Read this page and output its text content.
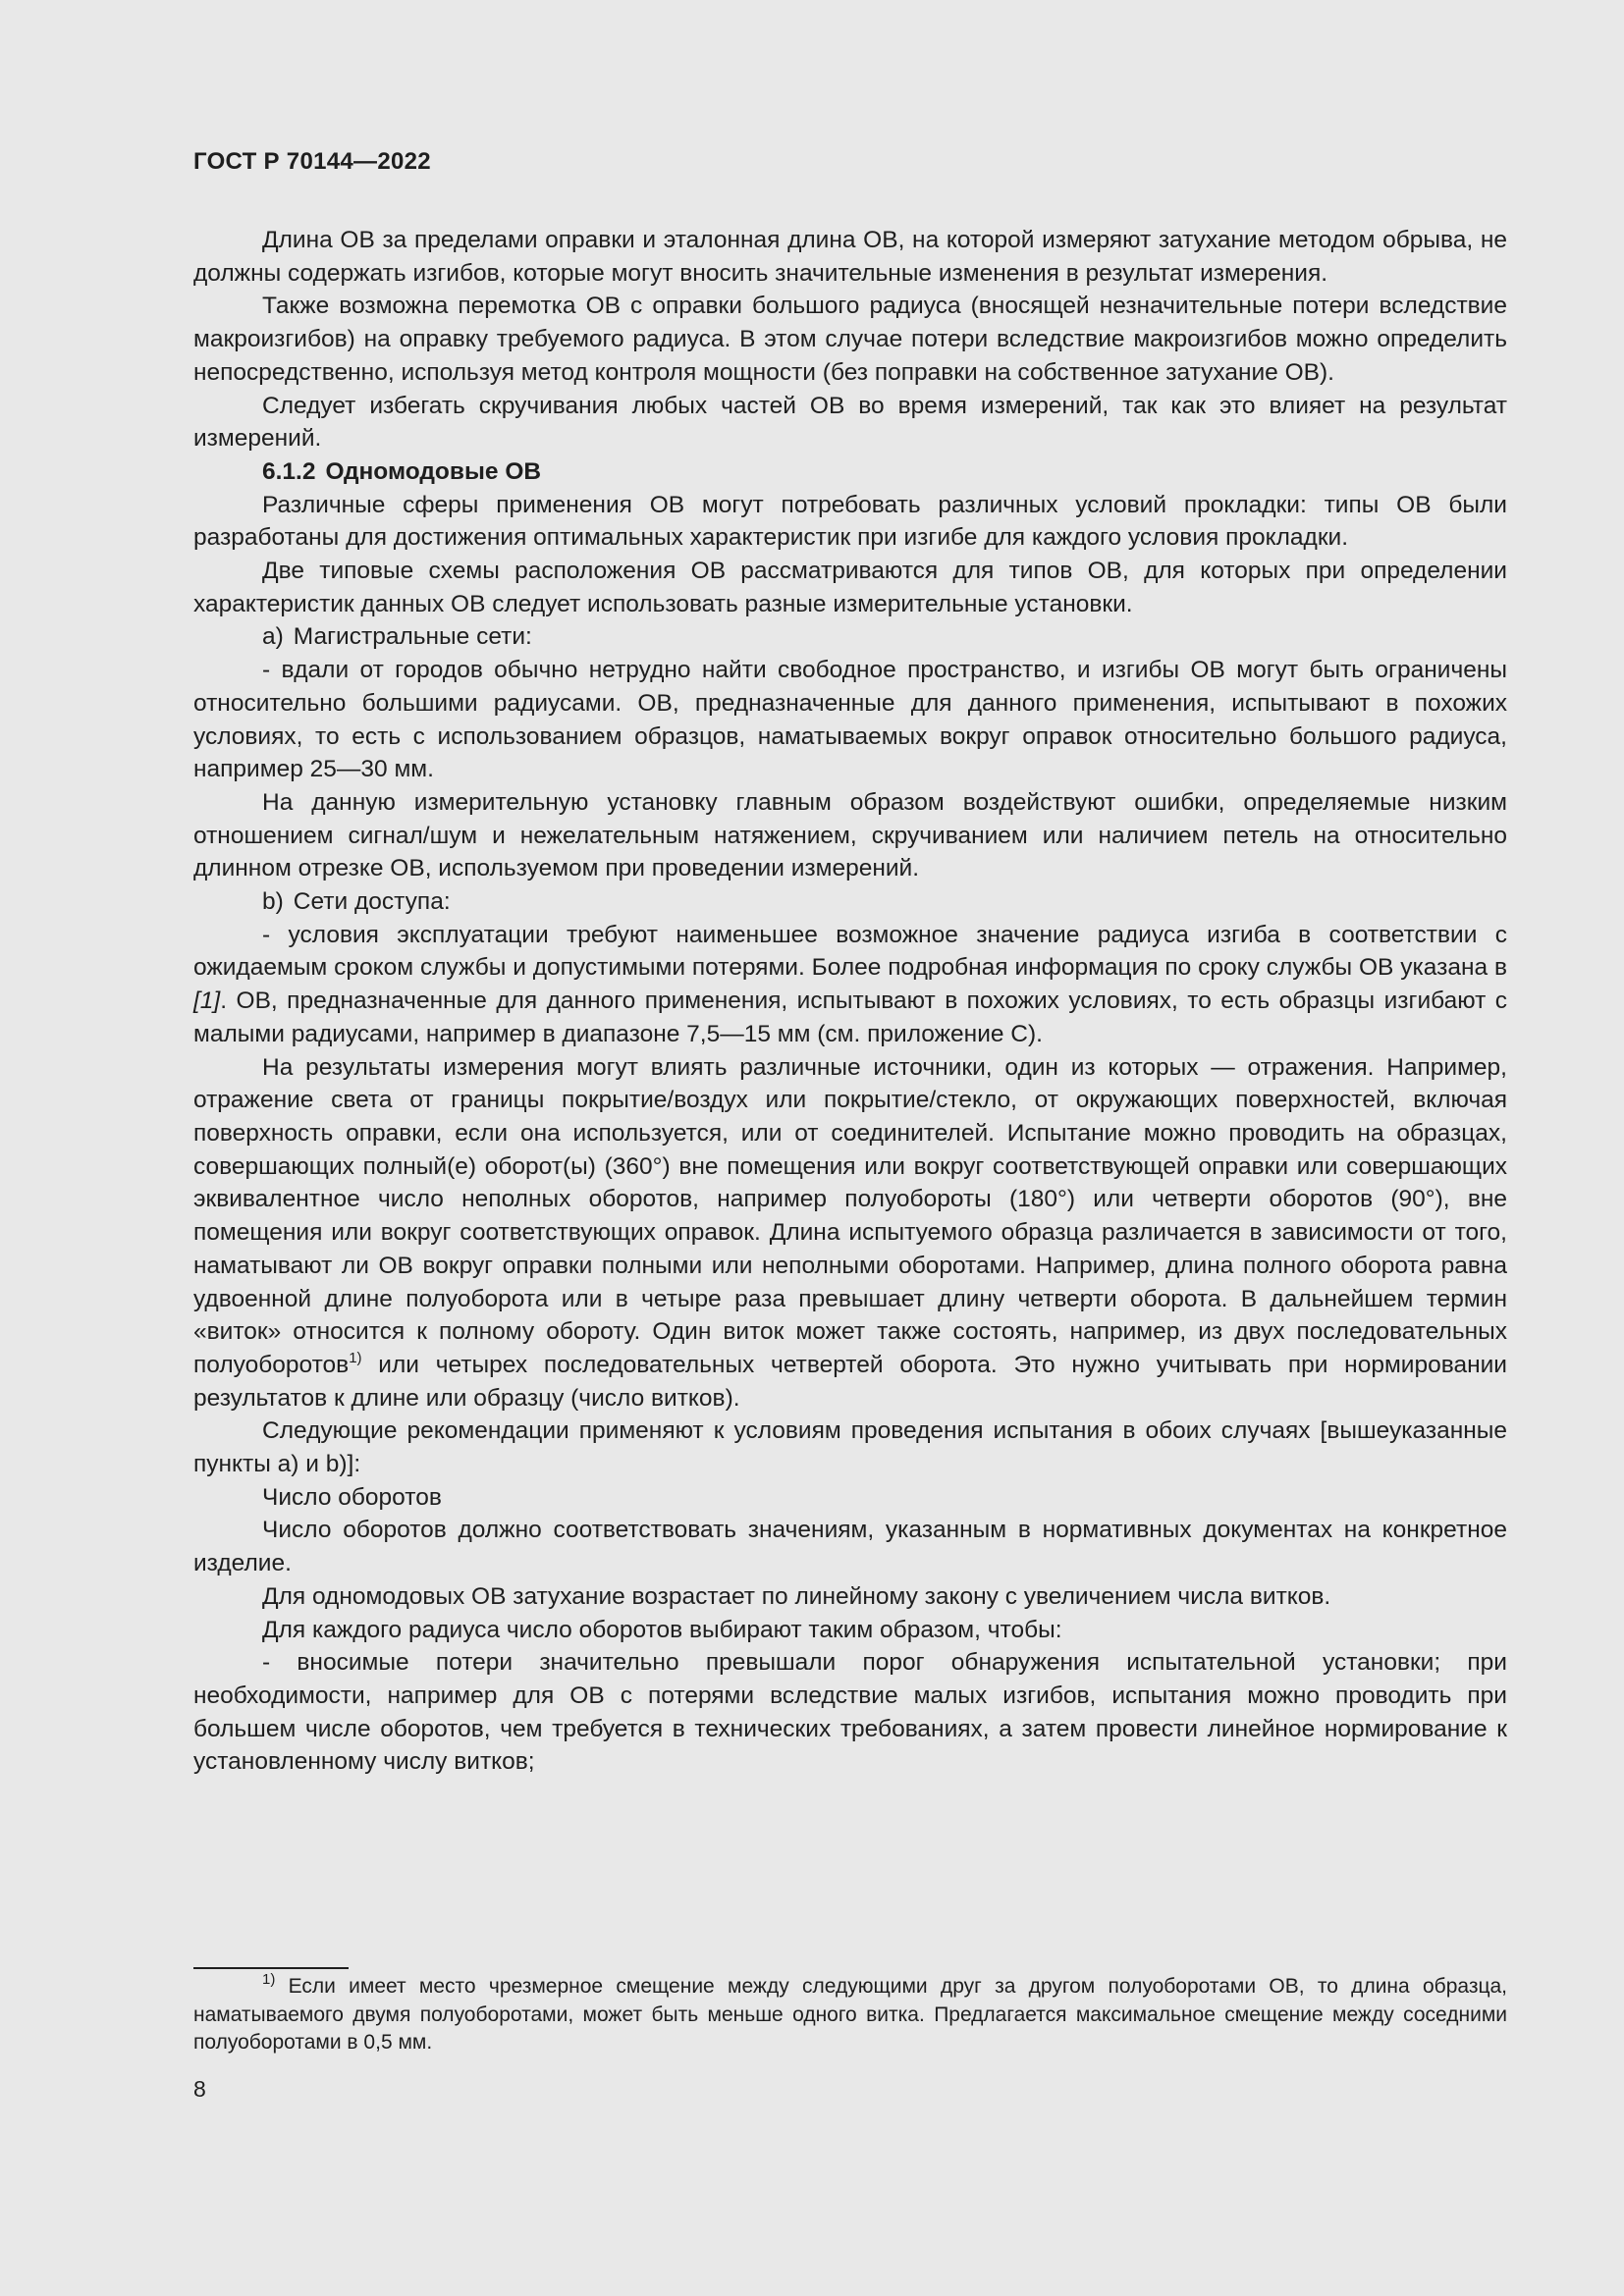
ГОСТ Р 70144—2022

Длина ОВ за пределами оправки и эталонная длина ОВ, на которой измеряют затухание методом обрыва, не должны содержать изгибов, которые могут вносить значительные изменения в результат измерения.

Также возможна перемотка ОВ с оправки большого радиуса (вносящей незначительные потери вследствие макроизгибов) на оправку требуемого радиуса. В этом случае потери вследствие макроизгибов можно определить непосредственно, используя метод контроля мощности (без поправки на собственное затухание ОВ).

Следует избегать скручивания любых частей ОВ во время измерений, так как это влияет на результат измерений.

6.1.2 Одномодовые ОВ

Различные сферы применения ОВ могут потребовать различных условий прокладки: типы ОВ были разработаны для достижения оптимальных характеристик при изгибе для каждого условия прокладки.

Две типовые схемы расположения ОВ рассматриваются для типов ОВ, для которых при определении характеристик данных ОВ следует использовать разные измерительные установки.

a) Магистральные сети:

- вдали от городов обычно нетрудно найти свободное пространство, и изгибы ОВ могут быть ограничены относительно большими радиусами. ОВ, предназначенные для данного применения, испытывают в похожих условиях, то есть с использованием образцов, наматываемых вокруг оправок относительно большого радиуса, например 25—30 мм.

На данную измерительную установку главным образом воздействуют ошибки, определяемые низким отношением сигнал/шум и нежелательным натяжением, скручиванием или наличием петель на относительно длинном отрезке ОВ, используемом при проведении измерений.

b) Сети доступа:

- условия эксплуатации требуют наименьшее возможное значение радиуса изгиба в соответствии с ожидаемым сроком службы и допустимыми потерями. Более подробная информация по сроку службы ОВ указана в [1]. ОВ, предназначенные для данного применения, испытывают в похожих условиях, то есть образцы изгибают с малыми радиусами, например в диапазоне 7,5—15 мм (см. приложение C).

На результаты измерения могут влиять различные источники, один из которых — отражения. Например, отражение света от границы покрытие/воздух или покрытие/стекло, от окружающих поверхностей, включая поверхность оправки, если она используется, или от соединителей. Испытание можно проводить на образцах, совершающих полный(е) оборот(ы) (360°) вне помещения или вокруг соответствующей оправки или совершающих эквивалентное число неполных оборотов, например полуобороты (180°) или четверти оборотов (90°), вне помещения или вокруг соответствующих оправок. Длина испытуемого образца различается в зависимости от того, наматывают ли ОВ вокруг оправки полными или неполными оборотами. Например, длина полного оборота равна удвоенной длине полуоборота или в четыре раза превышает длину четверти оборота. В дальнейшем термин «виток» относится к полному обороту. Один виток может также состоять, например, из двух последовательных полуоборотов$^{1)}$ или четырех последовательных четвертей оборота. Это нужно учитывать при нормировании результатов к длине или образцу (число витков).

Следующие рекомендации применяют к условиям проведения испытания в обоих случаях [вышеуказанные пункты a) и b)]:

Число оборотов

Число оборотов должно соответствовать значениям, указанным в нормативных документах на конкретное изделие.

Для одномодовых ОВ затухание возрастает по линейному закону с увеличением числа витков.

Для каждого радиуса число оборотов выбирают таким образом, чтобы:

- вносимые потери значительно превышали порог обнаружения испытательной установки; при необходимости, например для ОВ с потерями вследствие малых изгибов, испытания можно проводить при большем числе оборотов, чем требуется в технических требованиях, а затем провести линейное нормирование к установленному числу витков;

$^{1)}$ Если имеет место чрезмерное смещение между следующими друг за другом полуоборотами ОВ, то длина образца, наматываемого двумя полуоборотами, может быть меньше одного витка. Предлагается максимальное смещение между соседними полуоборотами в 0,5 мм.

8
